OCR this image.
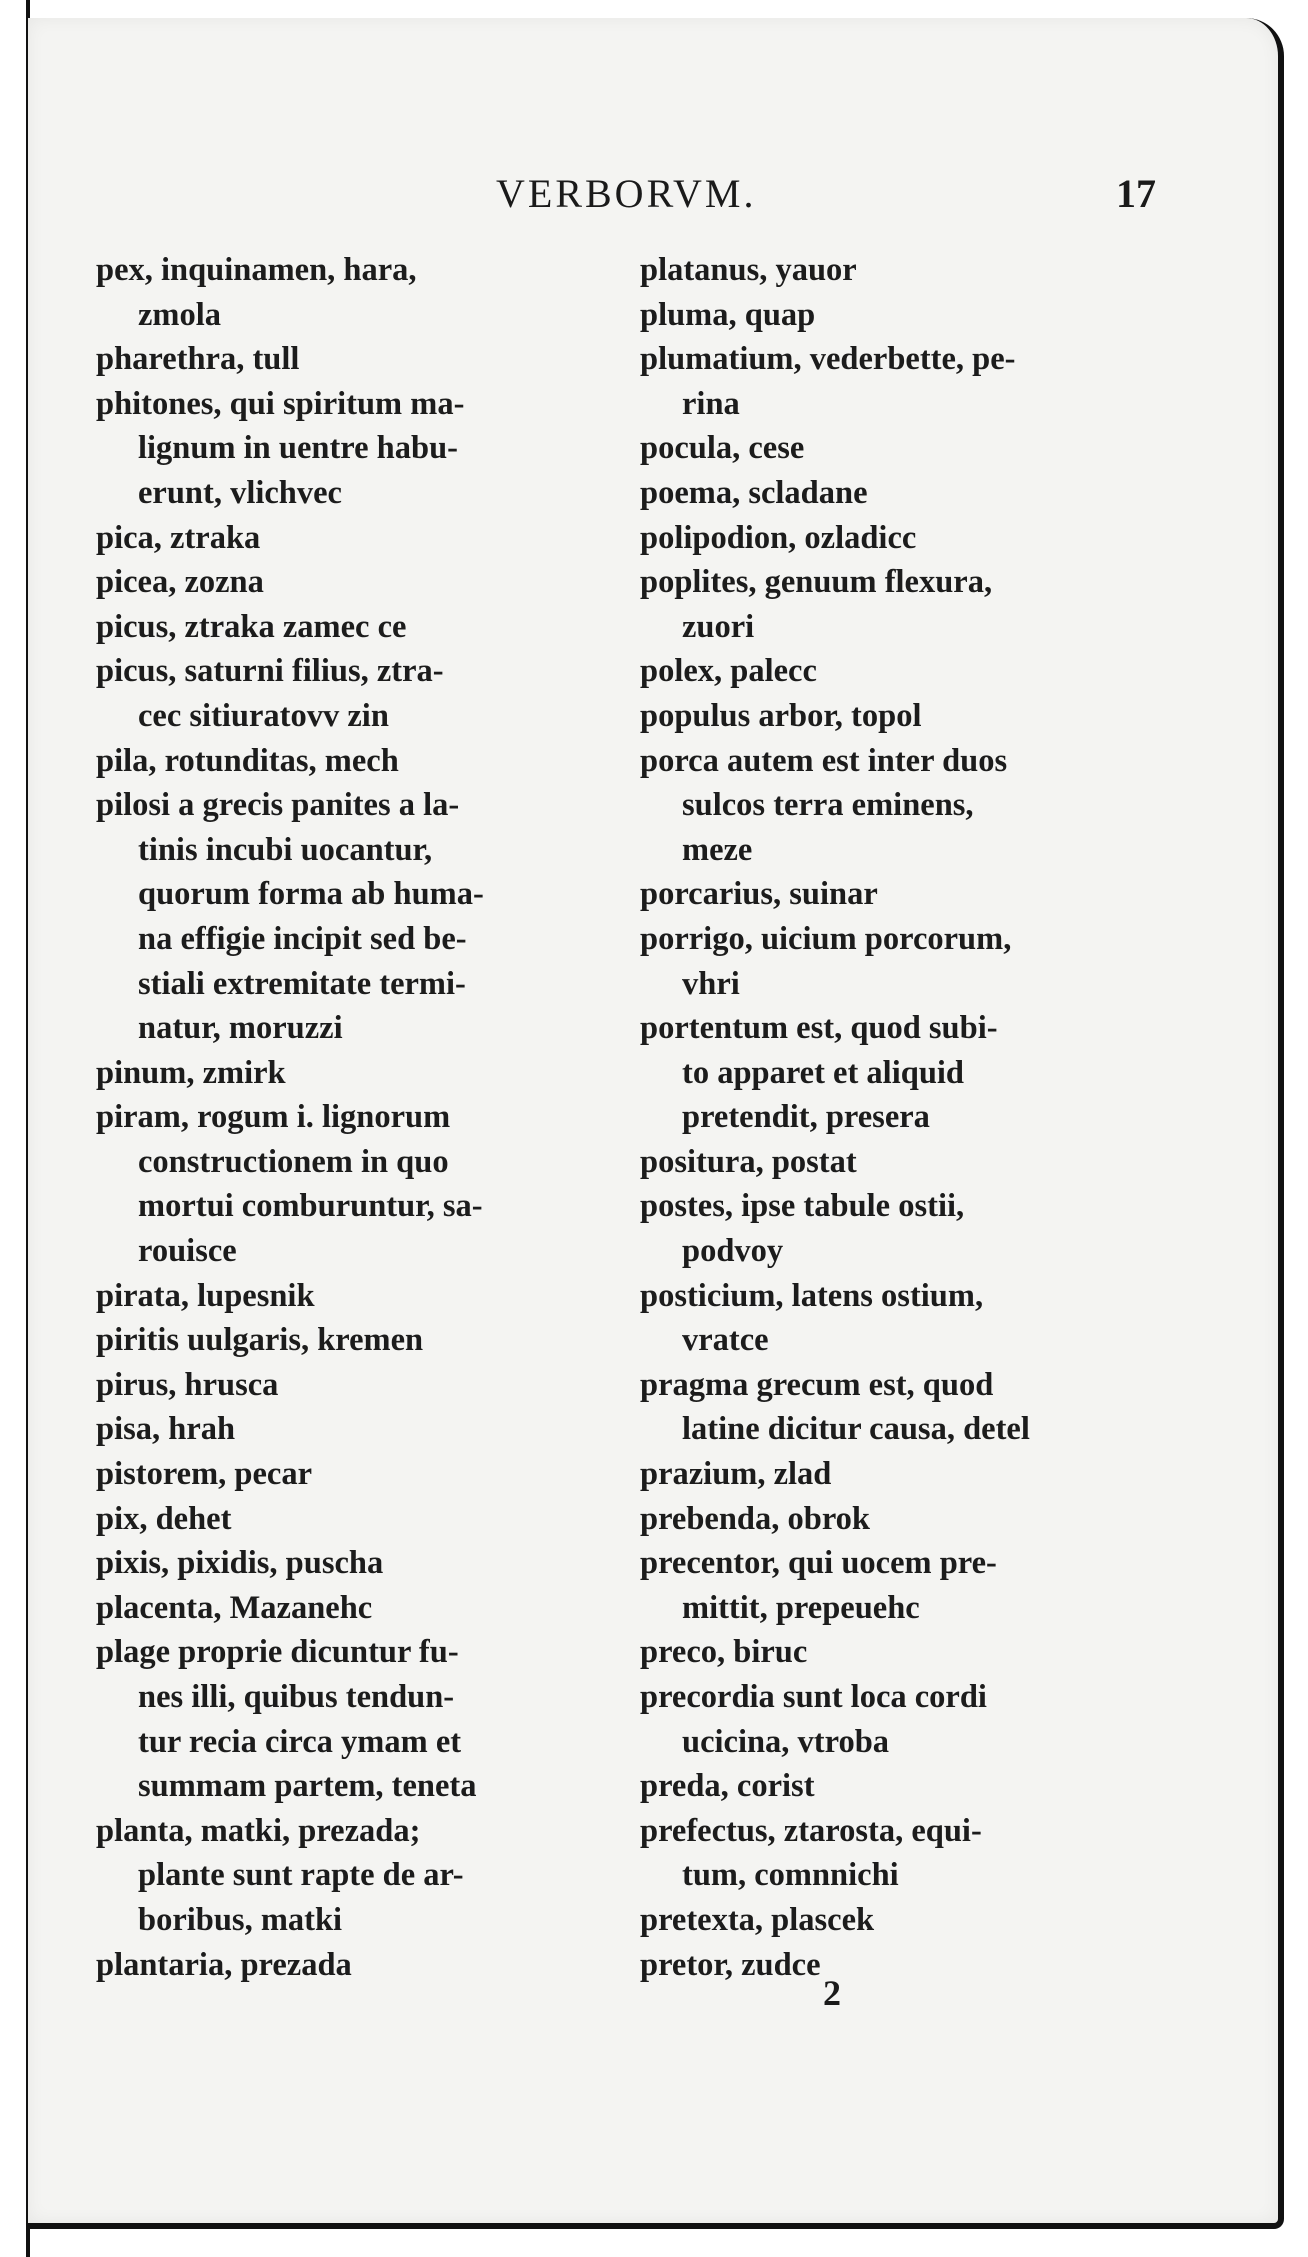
VERBORVM.	17
pex, inquinamen, hara,
zmola
pharethra, tull
phitones, qui spiritum ma-
lignum in uentre habu-
erunt, vlichvec
pica, ztraka
picea, zozna
picus, ztraka zamec ce
picus, saturni filius, ztra-
cec sitiuratovv zin
pila, rotunditas, mech
pilosi a grecis panites a la-
tinis incubi uocantur,
quorum forma ab huma-
na effigie incipit sed be-
stiali extremitate termi-
natur, moruzzi
pinum, zmirk
piram, rogum i. lignorum
constructionem in quo
mortui comburuntur, sa-
rouisce
pirata, lupesnik
piritis uulgaris, kremen
pirus, hrusca
pisa, hrah
pistorem, pecar
pix, dehet
pixis, pixidis, puscha
placenta, Mazanehc
plage proprie dicuntur fu-
nes illi, quibus tendun-
tur recia circa ymam et
summam partem, teneta
planta, matki, prezada;
plante sunt rapte de ar-
boribus, matki
plantaria, prezada
platanus, yauor
pluma, quap
plumatium, vederbette, pe-
rina
pocula, cese
poema, scladane
polipodion, ozladicc
poplites, genuum flexura,
zuori
polex, palecc
populus arbor, topol
porca autem est inter duos
sulcos terra eminens,
meze
porcarius, suinar
porrigo, uicium porcorum,
vhri
portentum est, quod subi-
to apparet et aliquid
pretendit, presera
positura, postat
postes, ipse tabule ostii,
podvoy
posticium, latens ostium,
vratce
pragma grecum est, quod
latine dicitur causa, detel
prazium, zlad
prebenda, obrok
precentor, qui uocem pre-
mittit, prepeuehc
preco, biruc
precordia sunt loca cordi
ucicina, vtroba
preda, corist
prefectus, ztarosta, equi-
tum, comnnichi
pretexta, plascek
pretor, zudce
2
